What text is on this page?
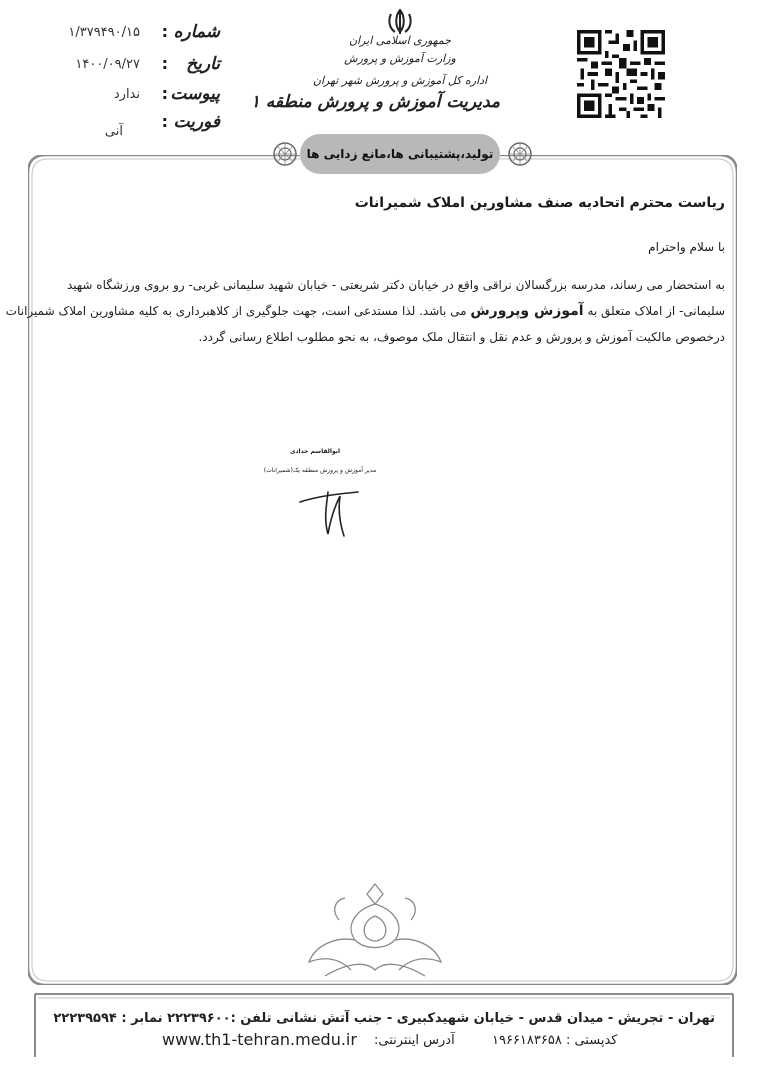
شماره
:
۱/۳۷۹۴۹۰/۱۵
تاریخ
:
۱۴۰۰/۰۹/۲۷
پیوست
:
ندارد
فوریت
:
آنی
جمهوری اسلامی ایران
وزارت آموزش و پرورش
اداره کل آموزش و پرورش شهر تهران
مدیریت آموزش و پرورش منطقه ۱
تولید،پشتیبانی ها،مانع زدایی ها
ریاست محترم اتحادیه صنف مشاورین املاک شمیرانات
با سلام واحترام
به استحضار می رساند، مدرسه بزرگسالان نراقی واقع در خیابان دکتر شریعتی - خیابان شهید سلیمانی غربی- رو بروی ورزشگاه شهید
سلیمانی- از املاک متعلق به آموزش وپرورش می باشد. لذا مستدعی است، جهت جلوگیری از کلاهبرداری به کلیه مشاورین املاک شمیرانات
درخصوص مالکیت آموزش و پرورش و عدم نقل و انتقال ملک موصوف، به نحو مطلوب اطلاع رسانی گردد.
ابوالقاسم حدادی
مدیر آموزش و پرورش منطقه یک(شمیرانات)
تهران - تجریش - میدان قدس - خیابان شهیدکبیری - جنب آتش نشانی تلفن :۲۲۲۳۹۶۰۰ نمابر : ۲۲۲۳۹۵۹۴
کدپستی : ۱۹۶۶۱۸۳۶۵۸
آدرس اینترنتی:
www.th1-tehran.medu.ir
